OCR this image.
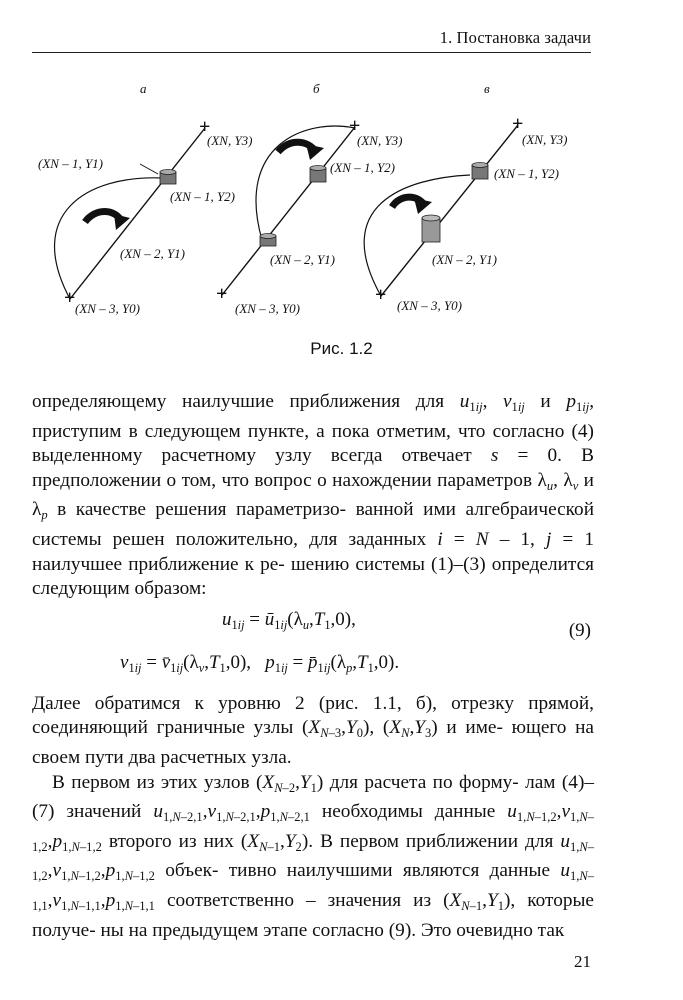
1. Постановка задачи
а	б	в
+
+
(XN – 1, Y1)
(XN, Y3)
(XN – 1, Y2)
(XN – 2, Y1)
(XN – 3, Y0)
+
+
(XN, Y3)
(XN – 1, Y2)
(XN – 2, Y1)
(XN – 3, Y0)
+
+
(XN, Y3)
(XN – 1, Y2)
(XN – 2, Y1)
(XN – 3, Y0)
Рис. 1.2

определяющему наилучшие приближения для $u_{1ij}$, $v_{1ij}$ и $p_{1ij}$, приступим в следующем пункте, а пока отметим, что согласно (4) выделенному расчетному узлу всегда отвечает s = 0. В предположении о том, что вопрос о нахождении параметров $\lambda_u$, $\lambda_v$ и $\lambda_p$ в качестве решения параметризо- ванной ими алгебраической системы решен положительно, для заданных i = N – 1, j = 1 наилучшее приближение к ре- шению системы (1)–(3) определится следующим образом:

$u_{1ij}$ = $ū_{1ij}(\lambda_u,T_1,0)$,
$v_{1ij}$ = $v̄_{1ij}(\lambda_v,T_1,0)$,   $p_{1ij}$ = $p̄_{1ij}(\lambda_p,T_1,0)$.

Далее обратимся к уровню 2 (рис. 1.1, б), отрезку прямой, соединяющий граничные узлы $(X_{N-3},Y_0)$, $(X_N,Y_3)$ и име- ющего на своем пути два расчетных узла.

В первом из этих узлов $(X_{N-2},Y_1)$ для расчета по форму- лам (4)–(7) значений $u_{1,N-2,1},v_{1,N-2,1},p_{1,N-2,1}$ необходимы данные $u_{1,N-1,2},v_{1,N-1,2},p_{1,N-1,2}$ второго из них $(X_{N-1},Y_2)$. В первом приближении для $u_{1,N-1,2},v_{1,N-1,2},p_{1,N-1,2}$ объек- тивно наилучшими являются данные $u_{1,N-1,1},v_{1,N-1,1},p_{1,N-1,1}$ соответственно – значения из $(X_{N-1},Y_1)$, которые получе- ны на предыдущем этапе согласно (9). Это очевидно так

(9)
21
